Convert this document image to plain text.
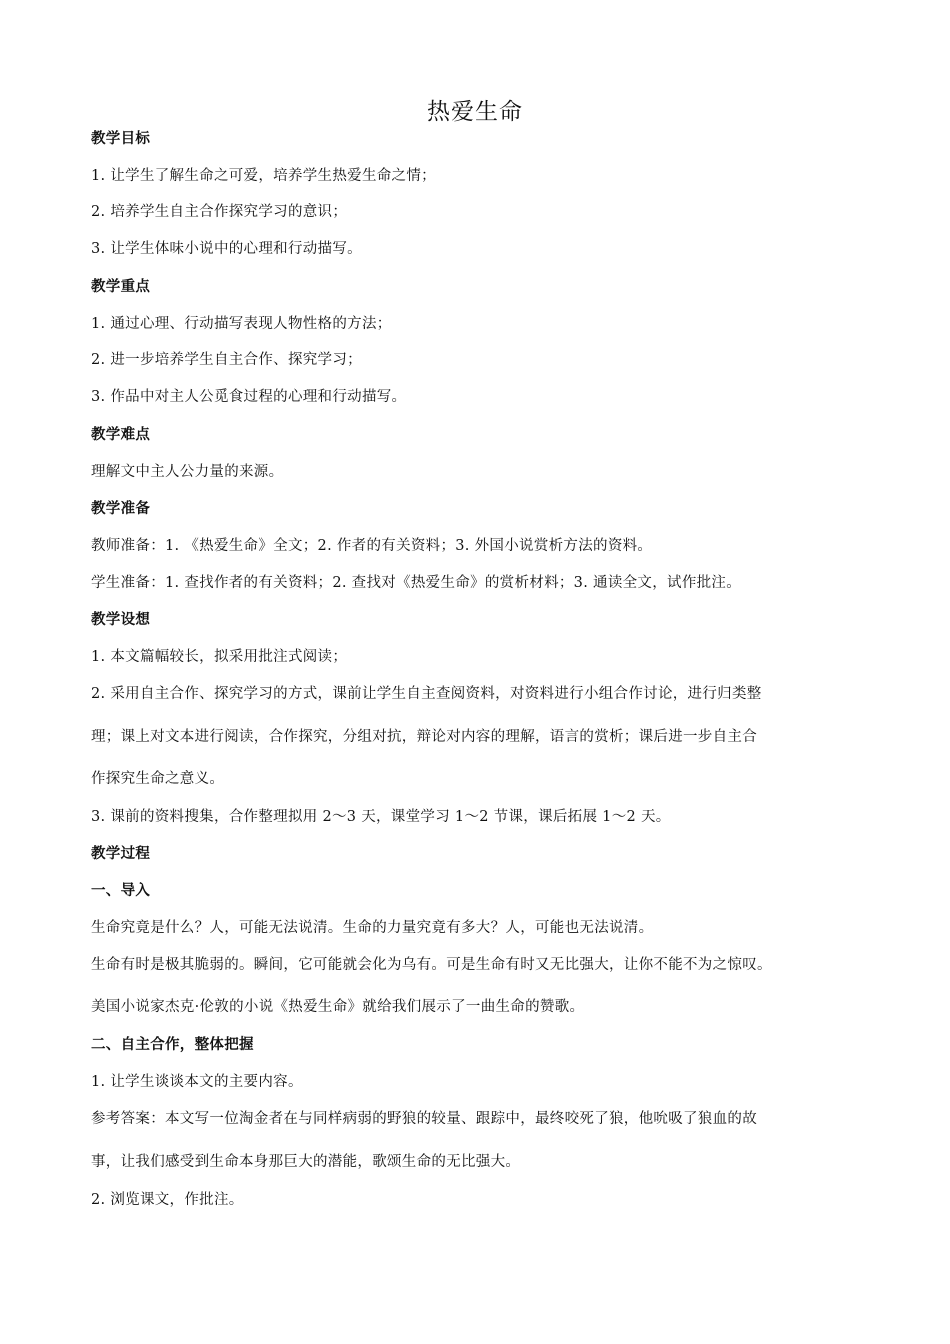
热爱生命
教学目标
1. 让学生了解生命之可爱，培养学生热爱生命之情；
2. 培养学生自主合作探究学习的意识；
3. 让学生体味小说中的心理和行动描写。
教学重点
1. 通过心理、行动描写表现人物性格的方法；
2. 进一步培养学生自主合作、探究学习；
3. 作品中对主人公觅食过程的心理和行动描写。
教学难点
理解文中主人公力量的来源。
教学准备
教师准备：1. 《热爱生命》全文；2. 作者的有关资料；3. 外国小说赏析方法的资料。
学生准备：1. 查找作者的有关资料；2. 查找对《热爱生命》的赏析材料；3. 通读全文，试作批注。
教学设想
1. 本文篇幅较长，拟采用批注式阅读；
2. 采用自主合作、探究学习的方式，课前让学生自主查阅资料，对资料进行小组合作讨论，进行归类整
理；课上对文本进行阅读，合作探究，分组对抗，辩论对内容的理解，语言的赏析；课后进一步自主合
作探究生命之意义。
3. 课前的资料搜集，合作整理拟用 2～3 天，课堂学习 1～2 节课，课后拓展 1～2 天。
教学过程
一、导入
生命究竟是什么？人，可能无法说清。生命的力量究竟有多大？人，可能也无法说清。
生命有时是极其脆弱的。瞬间，它可能就会化为乌有。可是生命有时又无比强大，让你不能不为之惊叹。
美国小说家杰克·伦敦的小说《热爱生命》就给我们展示了一曲生命的赞歌。
二、自主合作，整体把握
1. 让学生谈谈本文的主要内容。
参考答案：本文写一位淘金者在与同样病弱的野狼的较量、跟踪中，最终咬死了狼，他吮吸了狼血的故
事，让我们感受到生命本身那巨大的潜能，歌颂生命的无比强大。
2. 浏览课文，作批注。
